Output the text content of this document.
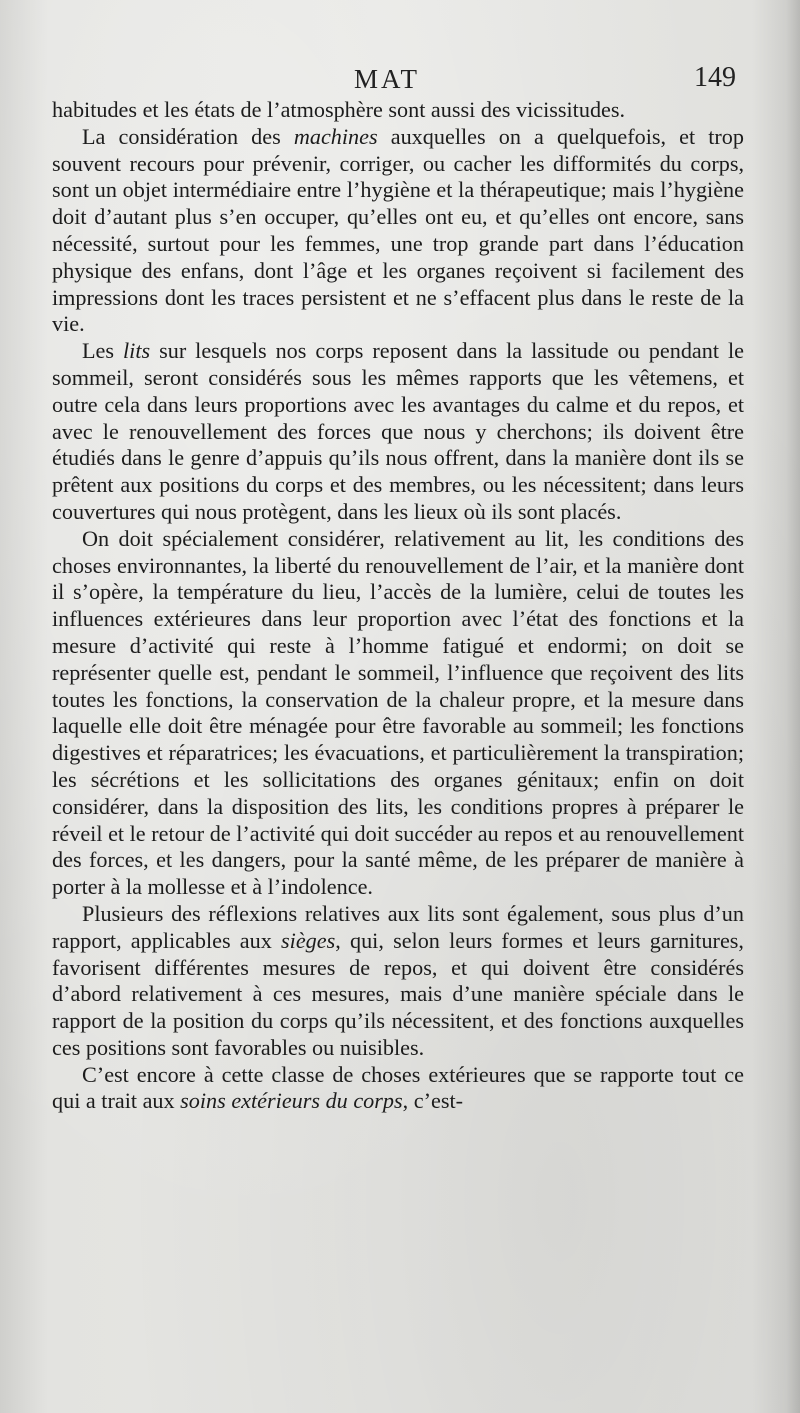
MAT	149

habitudes et les états de l’atmosphère sont aussi des vicissitudes.

La considération des machines auxquelles on a quelquefois, et trop souvent recours pour prévenir, corriger, ou cacher les difformités du corps, sont un objet intermédiaire entre l’hygiène et la thérapeutique; mais l’hygiène doit d’autant plus s’en occuper, qu’elles ont eu, et qu’elles ont encore, sans nécessité, surtout pour les femmes, une trop grande part dans l’éducation physique des enfans, dont l’âge et les organes reçoivent si facilement des impressions dont les traces persistent et ne s’effacent plus dans le reste de la vie.

Les lits sur lesquels nos corps reposent dans la lassitude ou pendant le sommeil, seront considérés sous les mêmes rapports que les vêtemens, et outre cela dans leurs proportions avec les avantages du calme et du repos, et avec le renouvellement des forces que nous y cherchons; ils doivent être étudiés dans le genre d’appuis qu’ils nous offrent, dans la manière dont ils se prêtent aux positions du corps et des membres, ou les nécessitent; dans leurs couvertures qui nous protègent, dans les lieux où ils sont placés.

On doit spécialement considérer, relativement au lit, les conditions des choses environnantes, la liberté du renouvellement de l’air, et la manière dont il s’opère, la température du lieu, l’accès de la lumière, celui de toutes les influences extérieures dans leur proportion avec l’état des fonctions et la mesure d’activité qui reste à l’homme fatigué et endormi; on doit se représenter quelle est, pendant le sommeil, l’influence que reçoivent des lits toutes les fonctions, la conservation de la chaleur propre, et la mesure dans laquelle elle doit être ménagée pour être favorable au sommeil; les fonctions digestives et réparatrices; les évacuations, et particulièrement la transpiration; les sécrétions et les sollicitations des organes génitaux; enfin on doit considérer, dans la disposition des lits, les conditions propres à préparer le réveil et le retour de l’activité qui doit succéder au repos et au renouvellement des forces, et les dangers, pour la santé même, de les préparer de manière à porter à la mollesse et à l’indolence.

Plusieurs des réflexions relatives aux lits sont également, sous plus d’un rapport, applicables aux sièges, qui, selon leurs formes et leurs garnitures, favorisent différentes mesures de repos, et qui doivent être considérés d’abord relativement à ces mesures, mais d’une manière spéciale dans le rapport de la position du corps qu’ils nécessitent, et des fonctions auxquelles ces positions sont favorables ou nuisibles.

C’est encore à cette classe de choses extérieures que se rapporte tout ce qui a trait aux soins extérieurs du corps, c’est-
